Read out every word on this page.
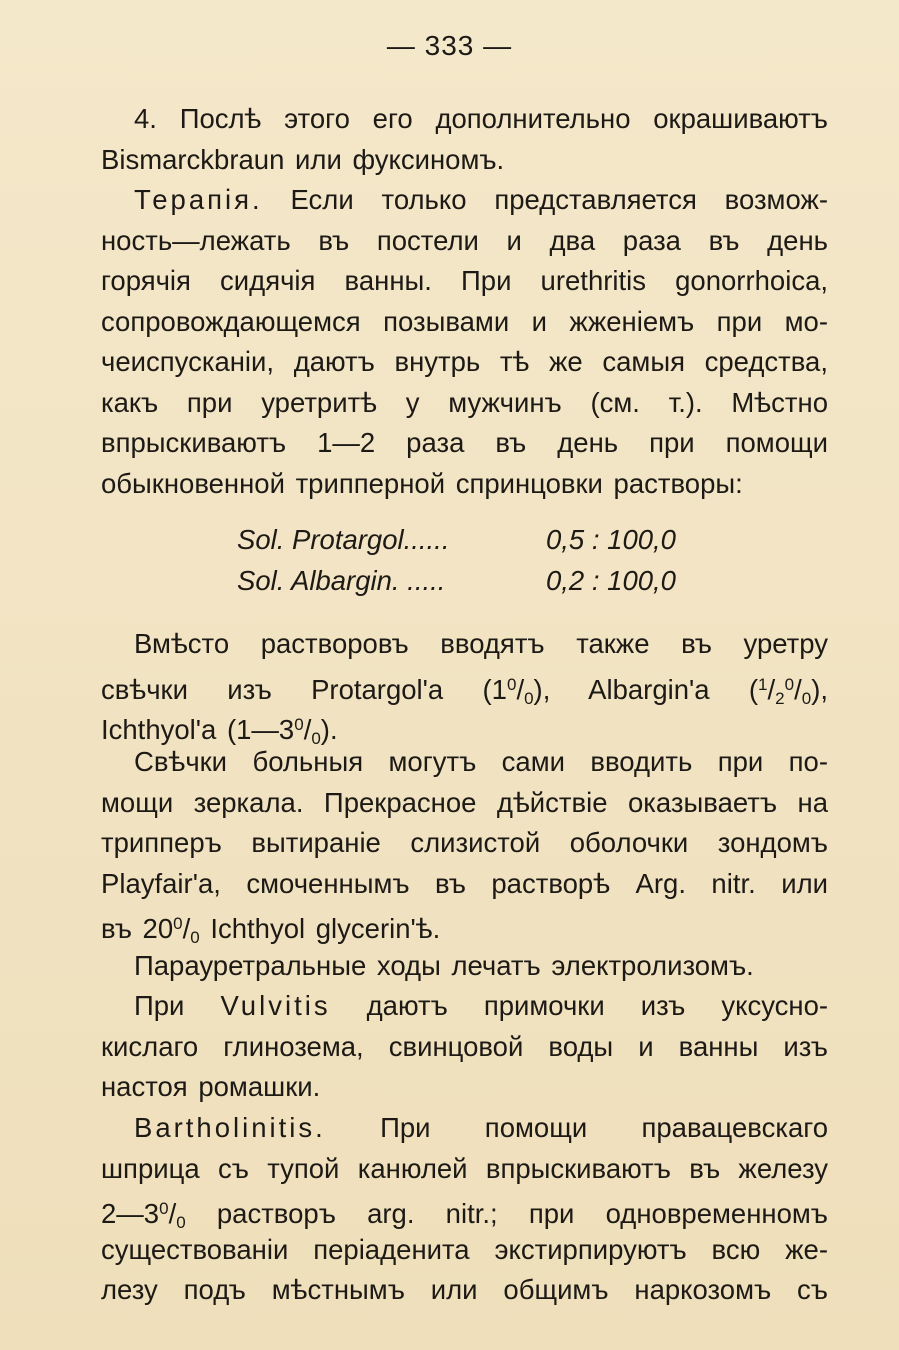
— 333 —
4. Послѣ этого его дополнительно окрашиваютъ
Bismarckbraun или фуксиномъ.
Терапія. Если только представляется возмож-
ность—лежать въ постели и два раза въ день
горячія сидячія ванны. При urethritis gonorrhoica,
сопровождающемся позывами и жженіемъ при мо-
чеиспусканіи, даютъ внутрь тѣ же самыя средства,
какъ при уретритѣ у мужчинъ (см. т.). Мѣстно
впрыскиваютъ 1—2 раза въ день при помощи
обыкновенной трипперной спринцовки растворы:
Sol. Protargol......	0,5 : 100,0
Sol. Albargin. .....	0,2 : 100,0
Вмѣсто растворовъ вводятъ также въ уретру
свѣчки изъ Protargol'a $(1^0/_0)$, Albargin'a $(^1/_2^0/_0)$,
Ichthyol'a $(1—3^0/_0)$.
Свѣчки больныя могутъ сами вводить при по-
мощи зеркала. Прекрасное дѣйствіе оказываетъ на
трипперъ вытираніе слизистой оболочки зондомъ
Playfair'a, смоченнымъ въ растворѣ Arg. nitr. или
въ $20^0/_0$ Ichthyol glycerin'ѣ.
Парауретральные ходы лечатъ электролизомъ.
При Vulvitis даютъ примочки изъ уксусно-
кислаго глинозема, свинцовой воды и ванны изъ
настоя ромашки.
Bartholinitis. При помощи правацевскаго
шприца съ тупой канюлей впрыскиваютъ въ железу
$2—3^0/_0$ растворъ arg. nitr.; при одновременномъ
существованіи періаденита экстирпируютъ всю же-
лезу подъ мѣстнымъ или общимъ наркозомъ съ
